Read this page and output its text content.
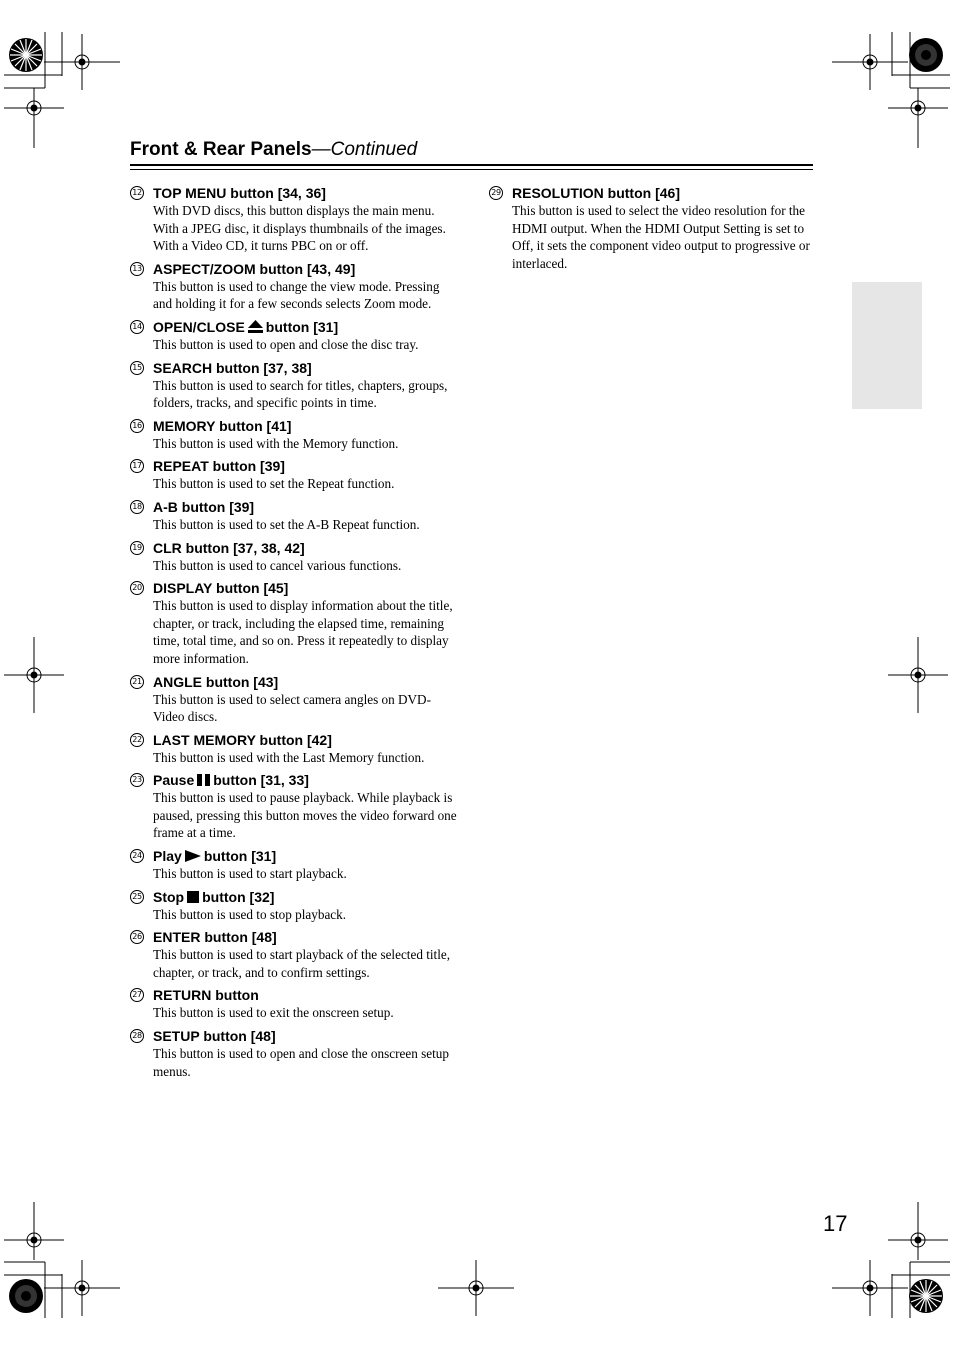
Front & Rear Panels—Continued
12 TOP MENU button [34, 36]
With DVD discs, this button displays the main menu. With a JPEG disc, it displays thumbnails of the images. With a Video CD, it turns PBC on or off.
13 ASPECT/ZOOM button [43, 49]
This button is used to change the view mode. Pressing and holding it for a few seconds selects Zoom mode.
14 OPEN/CLOSE button [31]
This button is used to open and close the disc tray.
15 SEARCH button [37, 38]
This button is used to search for titles, chapters, groups, folders, tracks, and specific points in time.
16 MEMORY button [41]
This button is used with the Memory function.
17 REPEAT button [39]
This button is used to set the Repeat function.
18 A-B button [39]
This button is used to set the A-B Repeat function.
19 CLR button [37, 38, 42]
This button is used to cancel various functions.
20 DISPLAY button [45]
This button is used to display information about the title, chapter, or track, including the elapsed time, remaining time, total time, and so on. Press it repeatedly to display more information.
21 ANGLE button [43]
This button is used to select camera angles on DVD-Video discs.
22 LAST MEMORY button [42]
This button is used with the Last Memory function.
23 Pause button [31, 33]
This button is used to pause playback. While playback is paused, pressing this button moves the video forward one frame at a time.
24 Play button [31]
This button is used to start playback.
25 Stop button [32]
This button is used to stop playback.
26 ENTER button [48]
This button is used to start playback of the selected title, chapter, or track, and to confirm settings.
27 RETURN button
This button is used to exit the onscreen setup.
28 SETUP button [48]
This button is used to open and close the onscreen setup menus.
29 RESOLUTION button [46]
This button is used to select the video resolution for the HDMI output. When the HDMI Output Setting is set to Off, it sets the component video output to progressive or interlaced.
17
